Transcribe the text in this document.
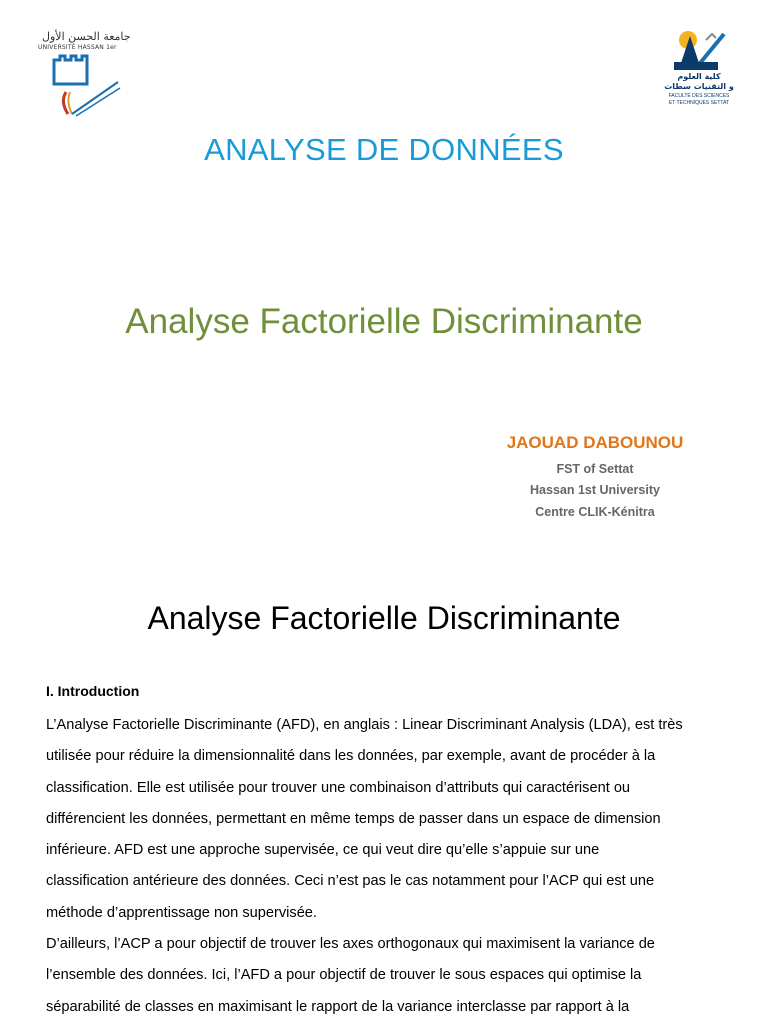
جامعة الحسن الأول
UNIVERSITÉ HASSAN 1er
كلية العلوم
و التقنيات سطات
FACULTÉ DES SCIENCES
ET TECHNIQUES SETTAT
ANALYSE DE DONNÉES
Analyse Factorielle Discriminante
JAOUAD DABOUNOU
FST of Settat
Hassan 1st University
Centre CLIK-Kénitra
Analyse Factorielle Discriminante
I. Introduction
L’Analyse Factorielle Discriminante (AFD), en anglais : Linear Discriminant Analysis (LDA), est très
utilisée pour réduire la dimensionnalité dans les données, par exemple, avant de procéder à la
classification. Elle est utilisée pour trouver une combinaison d’attributs qui caractérisent ou
différencient les données, permettant en même temps de passer dans un espace de dimension
inférieure. AFD est une approche supervisée, ce qui veut dire qu’elle s’appuie sur une
classification antérieure des données. Ceci n’est pas le cas notamment pour l’ACP qui est une
méthode d’apprentissage non supervisée.
D’ailleurs, l’ACP a pour objectif de trouver les axes orthogonaux qui maximisent la variance de
l’ensemble des données. Ici, l’AFD a pour objectif de trouver le sous espaces qui optimise la
séparabilité de classes en maximisant le rapport de la variance interclasse par rapport à la
